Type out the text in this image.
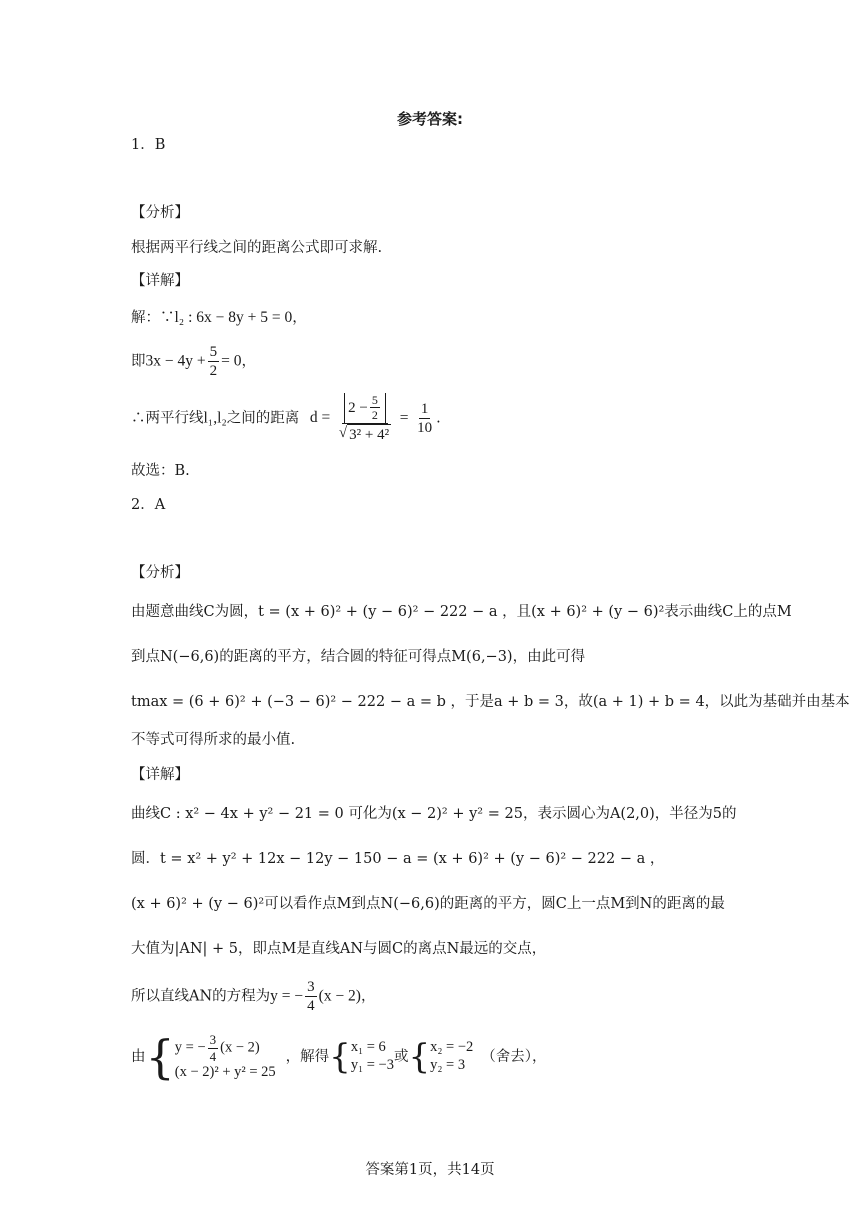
参考答案:
1．B
【分析】
根据两平行线之间的距离公式即可求解.
【详解】
解：∵l₂ : 6x − 8y + 5 = 0，
即$3x - 4y + \frac{5}{2} = 0$，
∴两平行线l₁,l₂之间的距离 $d = \frac{2 - \frac{5}{2}}{\text{√ 3² + 4²}} = \frac{1}{10}$ .
故选：B.
2．A
【分析】
由题意曲线C为圆，t = (x + 6)² + (y − 6)² − 222 − a ，且(x + 6)² + (y − 6)²表示曲线C上的点M
到点N(−6,6)的距离的平方，结合圆的特征可得点M(6,−3)，由此可得
tmax = (6 + 6)² + (−3 − 6)² − 222 − a = b ，于是a + b = 3，故(a + 1) + b = 4，以此为基础并由基本
不等式可得所求的最小值.
【详解】
曲线C : x² − 4x + y² − 21 = 0 可化为(x − 2)² + y² = 25，表示圆心为A(2,0)，半径为5的
圆．t = x² + y² + 12x − 12y − 150 − a = (x + 6)² + (y − 6)² − 222 − a ，
(x + 6)² + (y − 6)²可以看作点M到点N(−6,6)的距离的平方，圆C上一点M到N的距离的最
大值为|AN| + 5，即点M是直线AN与圆C的离点N最远的交点，
所以直线AN的方程为y = − $\frac{3}{4} (x - 2)$，
由{ y = − $\frac{3}{4} (x - 2)$
(x − 2)² + y² = 25
，解得{ x₁ = 6
y₁ = −3 或{ x₂ = −2
y₂ = 3	（舍去），
答案第1页，共14页
